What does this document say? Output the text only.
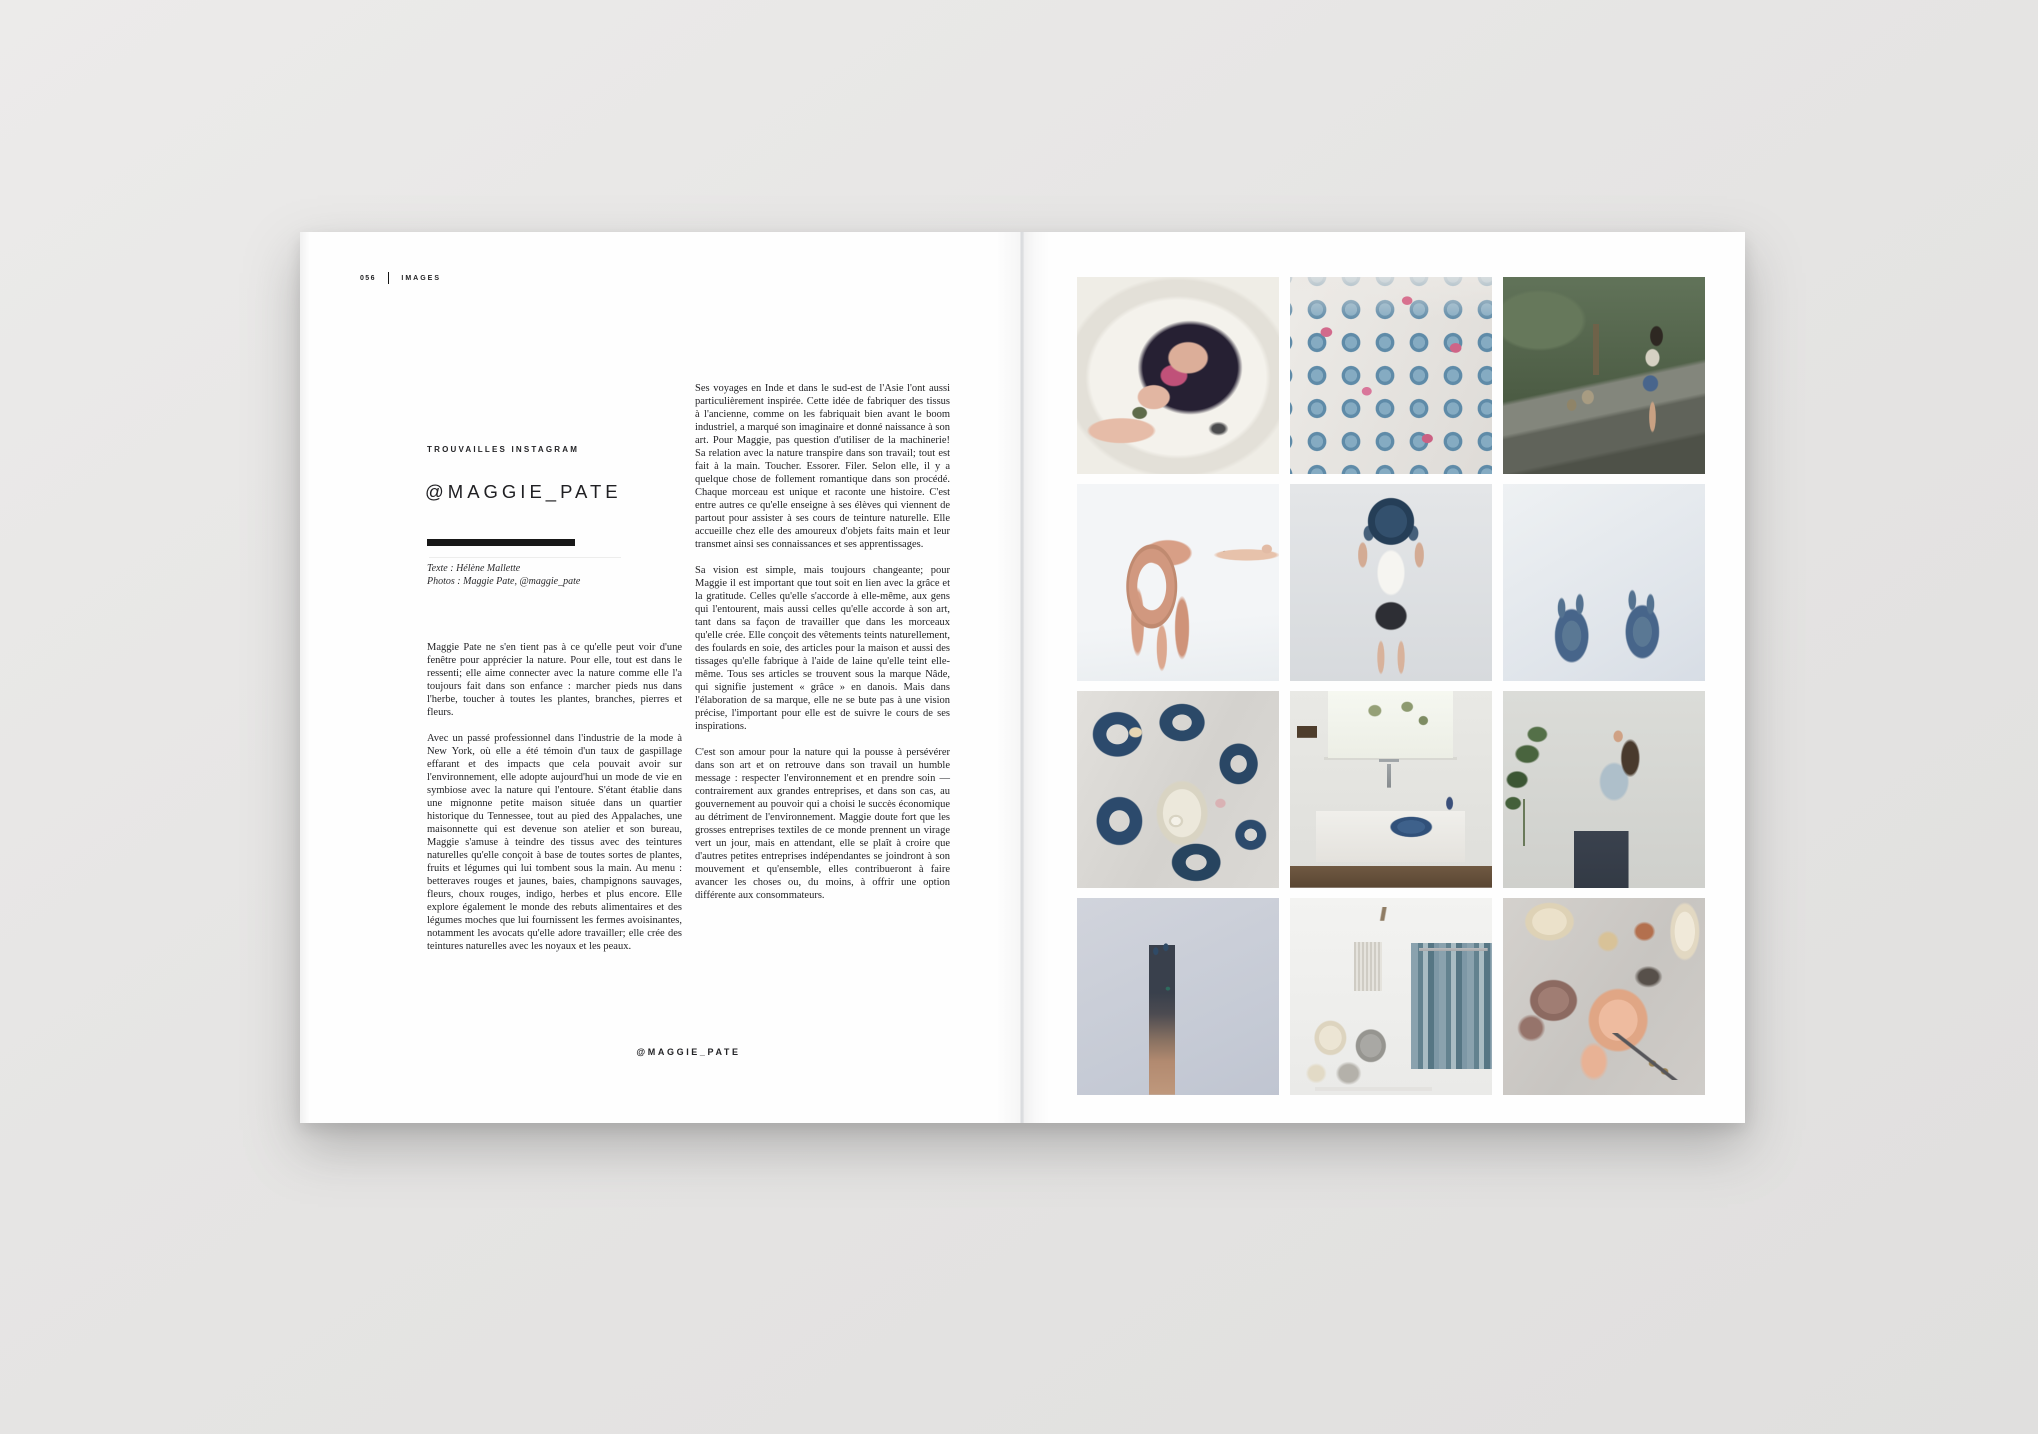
056	IMAGES
TROUVAILLES INSTAGRAM
@MAGGIE_PATE
Texte : Hélène Mallette
Photos : Maggie Pate, @maggie_pate

Maggie Pate ne s'en tient pas à ce qu'elle peut voir d'une fenêtre pour apprécier la nature. Pour elle, tout est dans le ressenti; elle aime connecter avec la nature comme elle l'a toujours fait dans son enfance : marcher pieds nus dans l'herbe, toucher à toutes les plantes, branches, pierres et fleurs.

Avec un passé professionnel dans l'industrie de la mode à New York, où elle a été témoin d'un taux de gaspillage effarant et des impacts que cela pouvait avoir sur l'environnement, elle adopte aujourd'hui un mode de vie en symbiose avec la nature qui l'entoure. S'étant établie dans une mignonne petite maison située dans un quartier historique du Tennessee, tout au pied des Appalaches, une maisonnette qui est devenue son atelier et son bureau, Maggie s'amuse à teindre des tissus avec des teintures naturelles qu'elle conçoit à base de toutes sortes de plantes, fruits et légumes qui lui tombent sous la main. Au menu : betteraves rouges et jaunes, baies, champignons sauvages, fleurs, choux rouges, indigo, herbes et plus encore. Elle explore également le monde des rebuts alimentaires et des légumes moches que lui fournissent les fermes avoisinantes, notamment les avocats qu'elle adore travailler; elle crée des teintures naturelles avec les noyaux et les peaux.

Ses voyages en Inde et dans le sud-est de l'Asie l'ont aussi particulièrement inspirée. Cette idée de fabriquer des tissus à l'ancienne, comme on les fabriquait bien avant le boom industriel, a marqué son imaginaire et donné naissance à son art. Pour Maggie, pas question d'utiliser de la machinerie! Sa relation avec la nature transpire dans son travail; tout est fait à la main. Toucher. Essorer. Filer. Selon elle, il y a quelque chose de follement romantique dans son procédé. Chaque morceau est unique et raconte une histoire. C'est entre autres ce qu'elle enseigne à ses élèves qui viennent de partout pour assister à ses cours de teinture naturelle. Elle accueille chez elle des amoureux d'objets faits main et leur transmet ainsi ses connaissances et ses apprentissages.

Sa vision est simple, mais toujours changeante; pour Maggie il est important que tout soit en lien avec la grâce et la gratitude. Celles qu'elle s'accorde à elle-même, aux gens qui l'entourent, mais aussi celles qu'elle accorde à son art, tant dans sa façon de travailler que dans les morceaux qu'elle crée. Elle conçoit des vêtements teints naturellement, des foulards en soie, des articles pour la maison et aussi des tissages qu'elle fabrique à l'aide de laine qu'elle teint elle-même. Tous ses articles se trouvent sous la marque Nâde, qui signifie justement « grâce » en danois. Mais dans l'élaboration de sa marque, elle ne se bute pas à une vision précise, l'important pour elle est de suivre le cours de ses inspirations.

C'est son amour pour la nature qui la pousse à persévérer dans son art et on retrouve dans son travail un humble message : respecter l'environnement et en prendre soin — contrairement aux grandes entreprises, et dans son cas, au gouvernement au pouvoir qui a choisi le succès économique au détriment de l'environnement. Maggie doute fort que les grosses entreprises textiles de ce monde prennent un virage vert un jour, mais en attendant, elle se plaît à croire que d'autres petites entreprises indépendantes se joindront à son mouvement et qu'ensemble, elles contribueront à faire avancer les choses ou, du moins, à offrir une option différente aux consommateurs.

@MAGGIE_PATE
